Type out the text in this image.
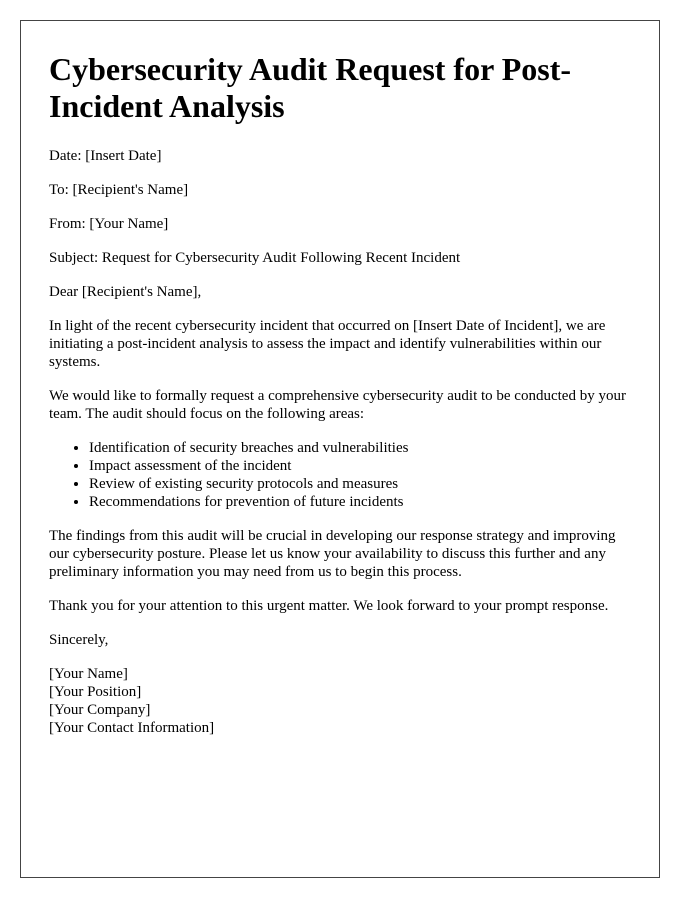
Cybersecurity Audit Request for Post-Incident Analysis

Date: [Insert Date]

To: [Recipient's Name]

From: [Your Name]

Subject: Request for Cybersecurity Audit Following Recent Incident

Dear [Recipient's Name],

In light of the recent cybersecurity incident that occurred on [Insert Date of Incident], we are initiating a post-incident analysis to assess the impact and identify vulnerabilities within our systems.

We would like to formally request a comprehensive cybersecurity audit to be conducted by your team. The audit should focus on the following areas:

• Identification of security breaches and vulnerabilities
• Impact assessment of the incident
• Review of existing security protocols and measures
• Recommendations for prevention of future incidents

The findings from this audit will be crucial in developing our response strategy and improving our cybersecurity posture. Please let us know your availability to discuss this further and any preliminary information you may need from us to begin this process.

Thank you for your attention to this urgent matter. We look forward to your prompt response.

Sincerely,

[Your Name]
[Your Position]
[Your Company]
[Your Contact Information]
